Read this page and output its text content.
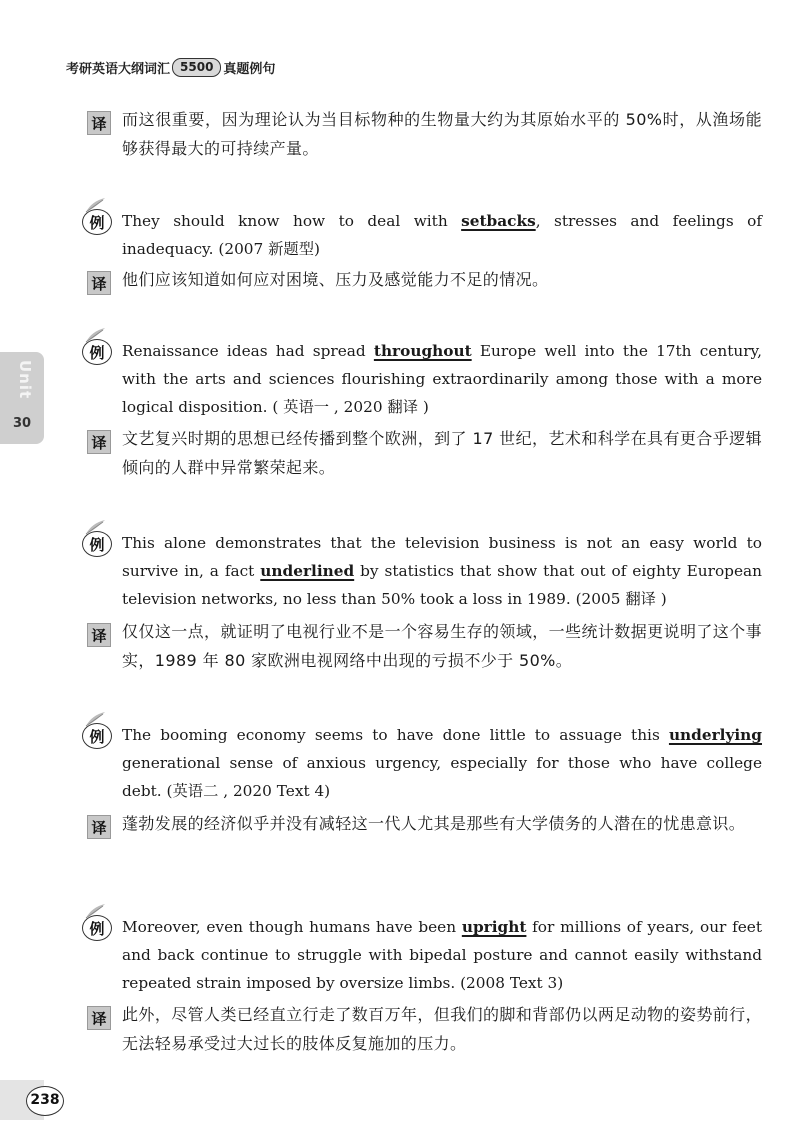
考研英语大纲词汇 5500 真题例句
Unit
30
译 而这很重要，因为理论认为当目标物种的生物量大约为其原始水平的 50%时，从渔场能够获得最大的可持续产量。
例 They should know how to deal with setbacks, stresses and feelings of inadequacy. (2007 新题型)
译 他们应该知道如何应对困境、压力及感觉能力不足的情况。
例 Renaissance ideas had spread throughout Europe well into the 17th century, with the arts and sciences flourishing extraordinarily among those with a more logical disposition. ( 英语一 , 2020 翻译 )
译 文艺复兴时期的思想已经传播到整个欧洲，到了 17 世纪，艺术和科学在具有更合乎逻辑倾向的人群中异常繁荣起来。
例 This alone demonstrates that the television business is not an easy world to survive in, a fact underlined by statistics that show that out of eighty European television networks, no less than 50% took a loss in 1989. (2005 翻译 )
译 仅仅这一点，就证明了电视行业不是一个容易生存的领域，一些统计数据更说明了这个事实，1989 年 80 家欧洲电视网络中出现的亏损不少于 50%。
例 The booming economy seems to have done little to assuage this underlying generational sense of anxious urgency, especially for those who have college debt. (英语二 , 2020 Text 4)
译 蓬勃发展的经济似乎并没有减轻这一代人尤其是那些有大学债务的人潜在的忧患意识。
例 Moreover, even though humans have been upright for millions of years, our feet and back continue to struggle with bipedal posture and cannot easily withstand repeated strain imposed by oversize limbs. (2008 Text 3)
译 此外，尽管人类已经直立行走了数百万年，但我们的脚和背部仍以两足动物的姿势前行，无法轻易承受过大过长的肢体反复施加的压力。
238
